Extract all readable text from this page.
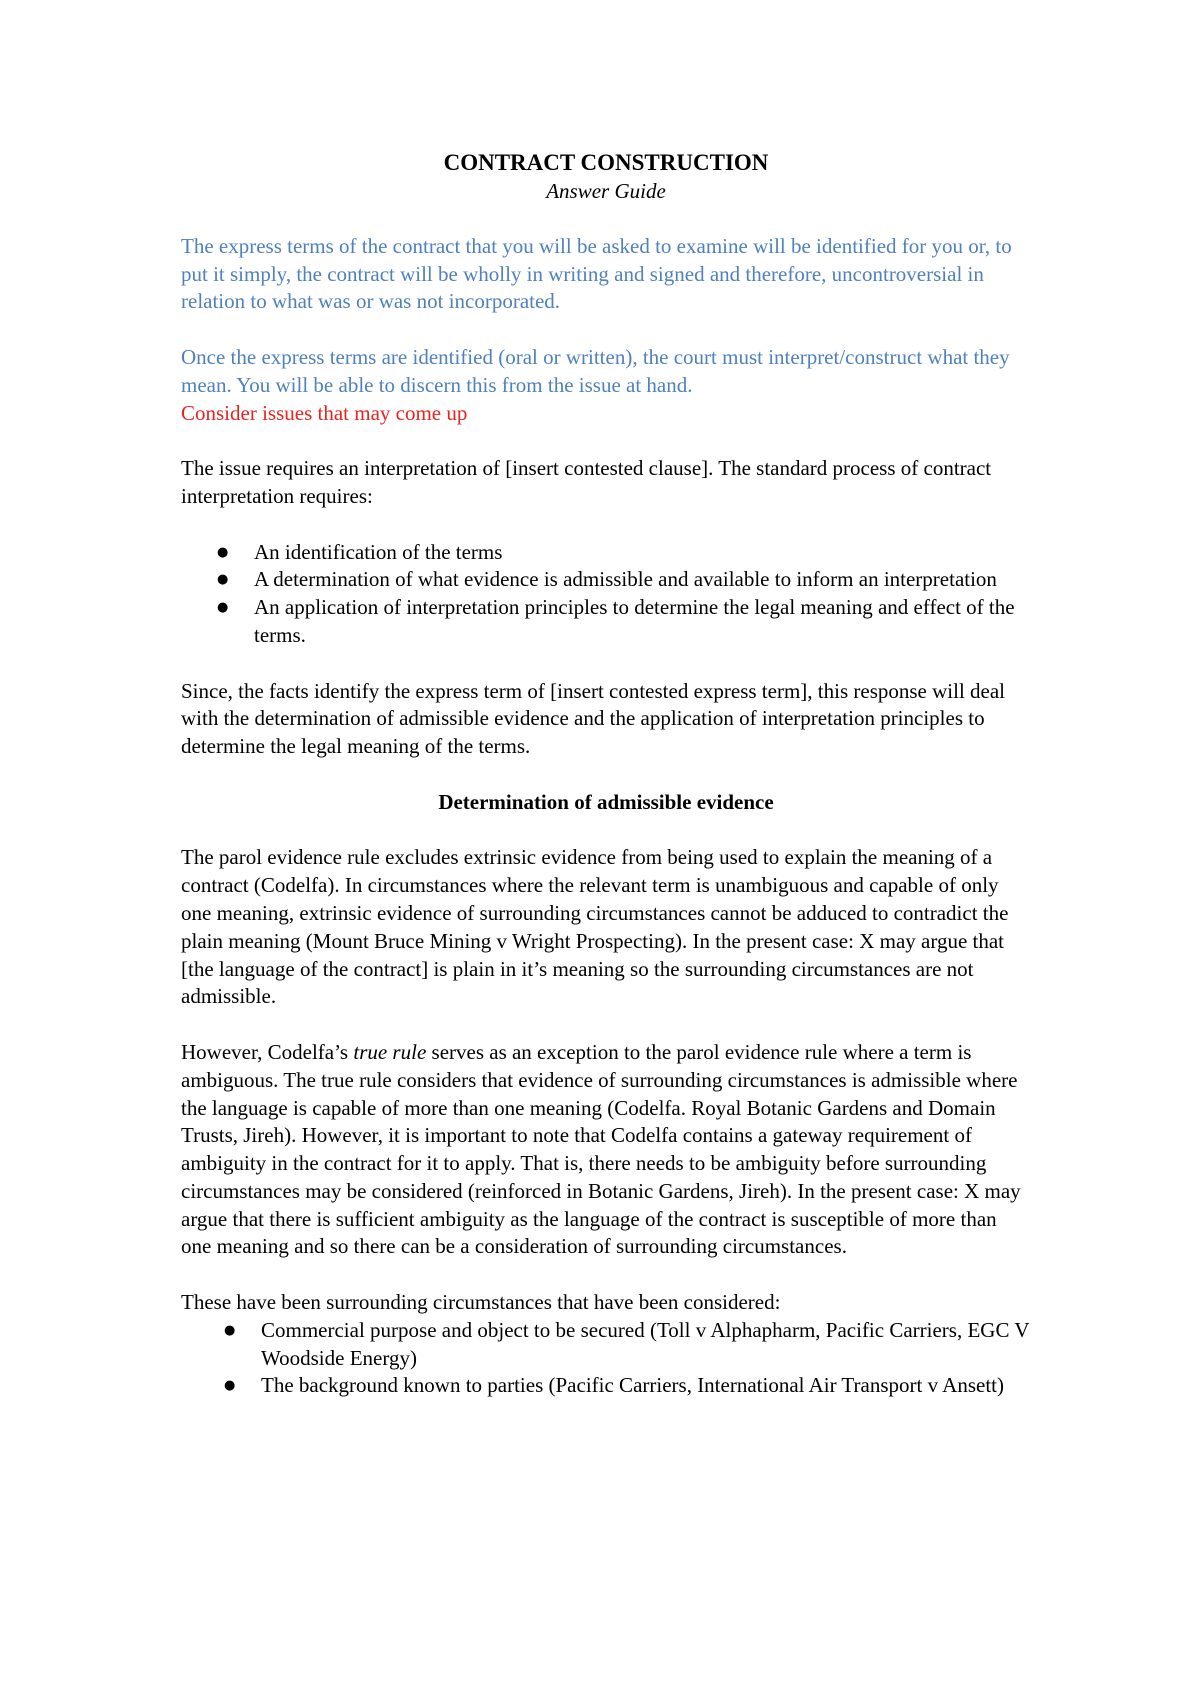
CONTRACT CONSTRUCTION
Answer Guide

The express terms of the contract that you will be asked to examine will be identified for you or, to put it simply, the contract will be wholly in writing and signed and therefore, uncontroversial in relation to what was or was not incorporated.

Once the express terms are identified (oral or written), the court must interpret/construct what they mean. You will be able to discern this from the issue at hand.

Consider issues that may come up

The issue requires an interpretation of [insert contested clause]. The standard process of contract interpretation requires:

● An identification of the terms
● A determination of what evidence is admissible and available to inform an interpretation
● An application of interpretation principles to determine the legal meaning and effect of the terms.

Since, the facts identify the express term of [insert contested express term], this response will deal with the determination of admissible evidence and the application of interpretation principles to determine the legal meaning of the terms.

Determination of admissible evidence

The parol evidence rule excludes extrinsic evidence from being used to explain the meaning of a contract (Codelfa). In circumstances where the relevant term is unambiguous and capable of only one meaning, extrinsic evidence of surrounding circumstances cannot be adduced to contradict the plain meaning (Mount Bruce Mining v Wright Prospecting). In the present case: X may argue that [the language of the contract] is plain in it’s meaning so the surrounding circumstances are not admissible.

However, Codelfa’s true rule serves as an exception to the parol evidence rule where a term is ambiguous. The true rule considers that evidence of surrounding circumstances is admissible where the language is capable of more than one meaning (Codelfa. Royal Botanic Gardens and Domain Trusts, Jireh). However, it is important to note that Codelfa contains a gateway requirement of ambiguity in the contract for it to apply. That is, there needs to be ambiguity before surrounding circumstances may be considered (reinforced in Botanic Gardens, Jireh). In the present case: X may argue that there is sufficient ambiguity as the language of the contract is susceptible of more than one meaning and so there can be a consideration of surrounding circumstances.

These have been surrounding circumstances that have been considered:

● Commercial purpose and object to be secured (Toll v Alphapharm, Pacific Carriers, EGC V Woodside Energy)
● The background known to parties (Pacific Carriers, International Air Transport v Ansett)
